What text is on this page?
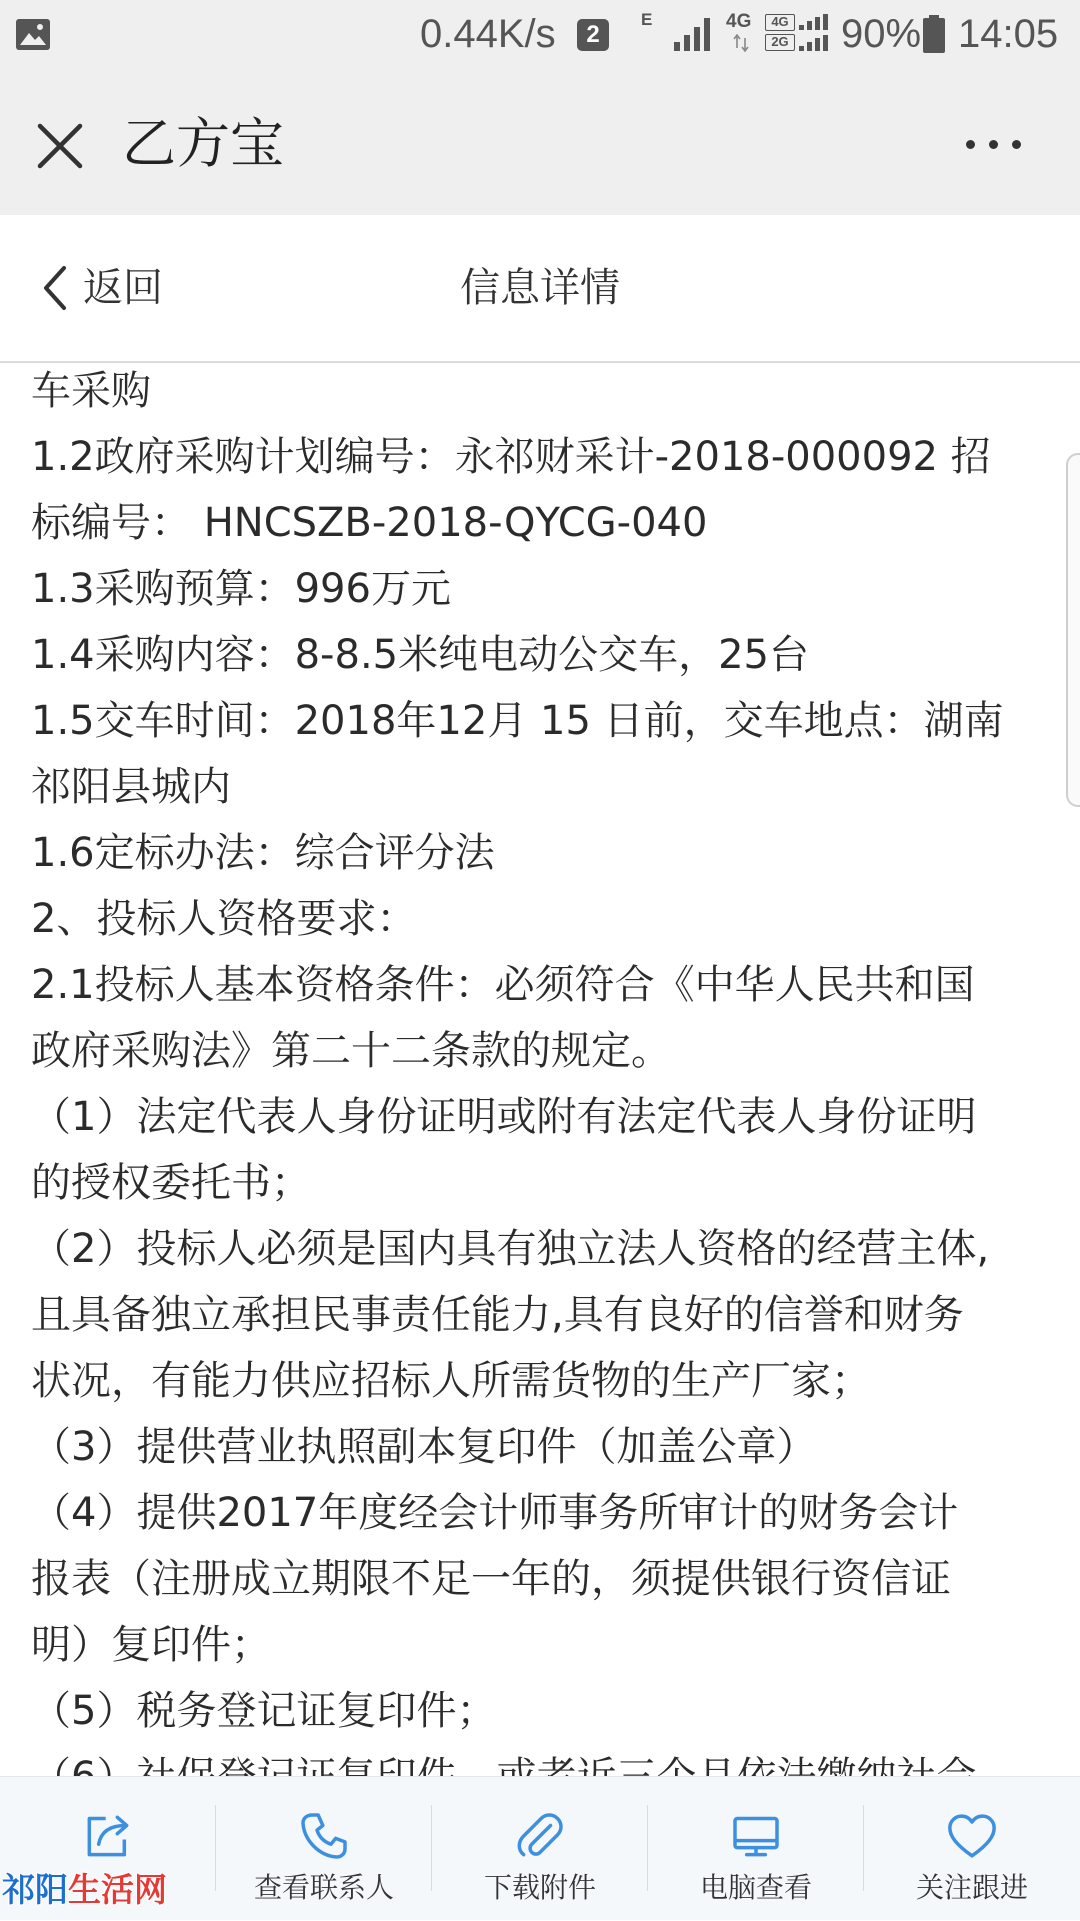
0.44K/s	2
E	4G	4G
2G 90% 14:05
乙方宝
返回	信息详情
车采购
1.2政府采购计划编号：永祁财采计-2018-000092 招
标编号： HNCSZB-2018-QYCG-040
1.3采购预算：996万元
1.4采购内容：8-8.5米纯电动公交车，25台
1.5交车时间：2018年12月 15 日前，交车地点：湖南
祁阳县城内
1.6定标办法：综合评分法
2、投标人资格要求：
2.1投标人基本资格条件：必须符合《中华人民共和国
政府采购法》第二十二条款的规定。
（1）法定代表人身份证明或附有法定代表人身份证明
的授权委托书；
（2）投标人必须是国内具有独立法人资格的经营主体,
且具备独立承担民事责任能力,具有良好的信誉和财务
状况，有能力供应招标人所需货物的生产厂家；
（3）提供营业执照副本复印件（加盖公章）
（4）提供2017年度经会计师事务所审计的财务会计
报表（注册成立期限不足一年的，须提供银行资信证
明）复印件；
（5）税务登记证复印件；
查看联系人	下载附件	电脑查看	关注跟进
祁阳生活网
